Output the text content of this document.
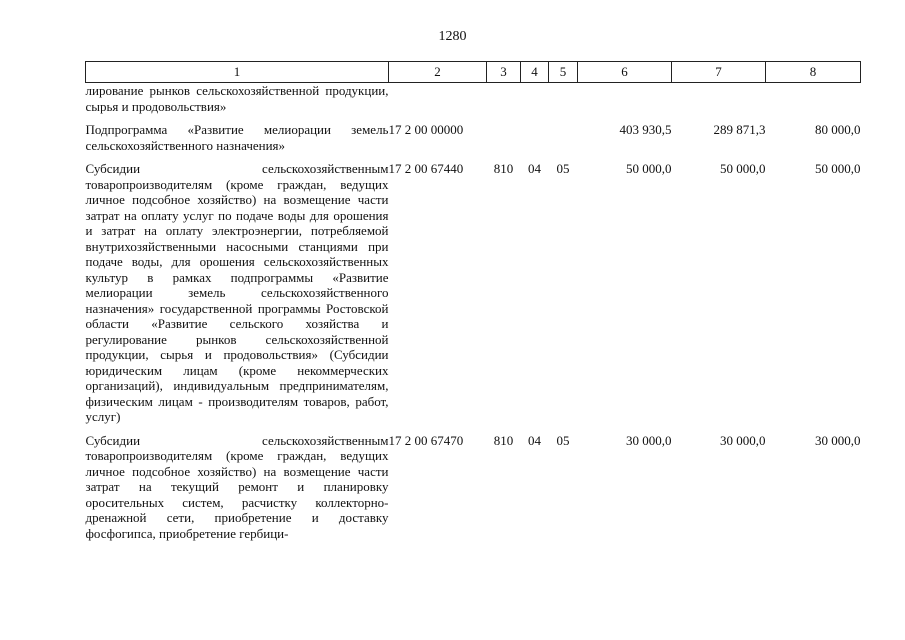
1280
1	2	3	4	5	6	7	8
лирование рынков сельскохозяйственной продукции, сырья и продовольствия»							
Подпрограмма «Развитие мелиорации земель сельскохозяйственного назначения»	17 2 00 00000				403 930,5	289 871,3	80 000,0
Субсидии сельскохозяйственным товаропроизводителям (кроме граждан, ведущих личное подсобное хозяйство) на возмещение части затрат на оплату услуг по подаче воды для орошения и затрат на оплату электроэнергии, потребляемой внутрихозяйственными насосными станциями при подаче воды, для орошения сельскохозяйственных культур в рамках подпрограммы «Развитие мелиорации земель сельскохозяйственного назначения» государственной программы Ростовской области «Развитие сельского хозяйства и регулирование рынков сельскохозяйственной продукции, сырья и продовольствия» (Субсидии юридическим лицам (кроме некоммерческих организаций), индивидуальным предпринимателям, физическим лицам - производителям товаров, работ, услуг)	17 2 00 67440	810	04	05	50 000,0	50 000,0	50 000,0
Субсидии сельскохозяйственным товаропроизводителям (кроме граждан, ведущих личное подсобное хозяйство) на возмещение части затрат на текущий ремонт и планировку оросительных систем, расчистку коллекторно-дренажной сети, приобретение и доставку фосфогипса, приобретение гербици-	17 2 00 67470	810	04	05	30 000,0	30 000,0	30 000,0
